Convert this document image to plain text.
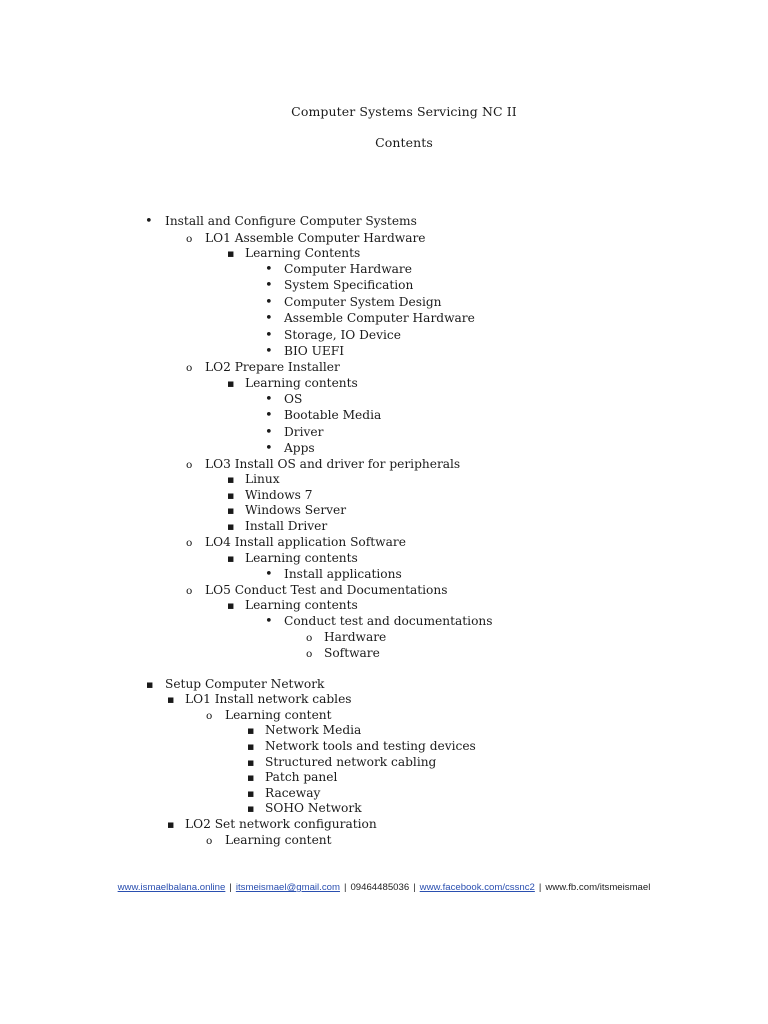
Computer Systems Servicing NC II
Contents
•
Install and Configure Computer Systems
o
LO1 Assemble Computer Hardware
▪
Learning Contents
•
Computer Hardware
•
System Specification
•
Computer System Design
•
Assemble Computer Hardware
•
Storage, IO Device
•
BIO UEFI
o
LO2 Prepare Installer
▪
Learning contents
•
OS
•
Bootable Media
•
Driver
•
Apps
o
LO3 Install OS and driver for peripherals
▪
Linux
▪
Windows 7
▪
Windows Server
▪
Install Driver
o
LO4 Install application Software
▪
Learning contents
•
Install applications
o
LO5 Conduct Test and Documentations
▪
Learning contents
•
Conduct test and documentations
o
Hardware
o
Software
▪
Setup Computer Network
▪
LO1 Install network cables
o
Learning content
▪
Network Media
▪
Network tools and testing devices
▪
Structured network cabling
▪
Patch panel
▪
Raceway
▪
SOHO Network
▪
LO2 Set network configuration
o
Learning content
www.ismaelbalana.online | itsmeismael@gmail.com | 09464485036 | www.facebook.com/cssnc2 | www.fb.com/itsmeismael
